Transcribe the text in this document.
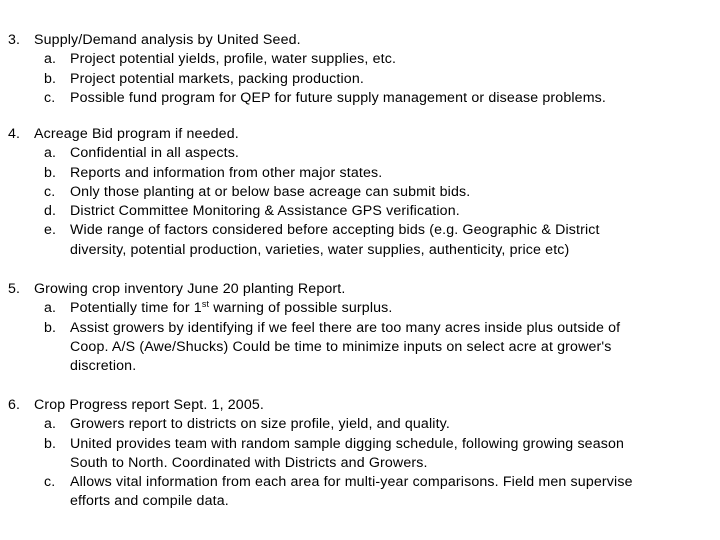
3. Supply/Demand analysis by United Seed.
a. Project potential yields, profile, water supplies, etc.
b. Project potential markets, packing production.
c. Possible fund program for QEP for future supply management or disease problems.
4. Acreage Bid program if needed.
a. Confidential in all aspects.
b. Reports and information from other major states.
c. Only those planting at or below base acreage can submit bids.
d. District Committee Monitoring & Assistance GPS verification.
e. Wide range of factors considered before accepting bids (e.g. Geographic & District
diversity, potential production, varieties, water supplies, authenticity, price etc)
5. Growing crop inventory June 20 planting Report.
a. Potentially time for 1st warning of possible surplus.
b. Assist growers by identifying if we feel there are too many acres inside plus outside of
Coop. A/S (Awe/Shucks) Could be time to minimize inputs on select acre at grower's
discretion.
6. Crop Progress report Sept. 1, 2005.
a. Growers report to districts on size profile, yield, and quality.
b. United provides team with random sample digging schedule, following growing season
South to North. Coordinated with Districts and Growers.
c. Allows vital information from each area for multi-year comparisons. Field men supervise
efforts and compile data.
